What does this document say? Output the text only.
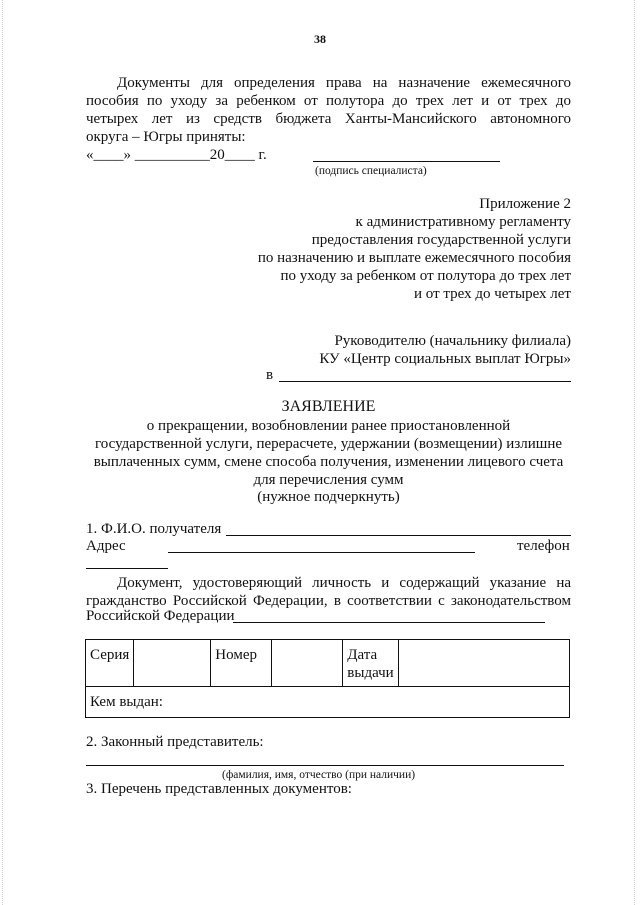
38
Документы для определения права на назначение ежемесячного
пособия по уходу за ребенком от полутора до трех лет и от трех до
четырех лет из средств бюджета Ханты-Мансийского автономного
округа – Югры приняты:
«____» __________20____ г.
(подпись специалиста)
Приложение 2
к административному регламенту
предоставления государственной услуги
по назначению и выплате ежемесячного пособия
по уходу за ребенком от полутора до трех лет
и от трех до четырех лет
Руководителю (начальнику филиала)
КУ «Центр социальных выплат Югры»
в
ЗАЯВЛЕНИЕ
о прекращении, возобновлении ранее приостановленной
государственной услуги, перерасчете, удержании (возмещении) излишне
выплаченных сумм, смене способа получения, изменении лицевого счета
для перечисления сумм
(нужное подчеркнуть)
1. Ф.И.О. получателя
Адрес	телефон
Документ, удостоверяющий личность и содержащий указание на
гражданство Российской Федерации, в соответствии с законодательством
Российской Федерации
Серия		Номер		Дата
выдачи

Кем выдан:
2. Законный представитель:
(фамилия, имя, отчество (при наличии)
3. Перечень представленных документов:
